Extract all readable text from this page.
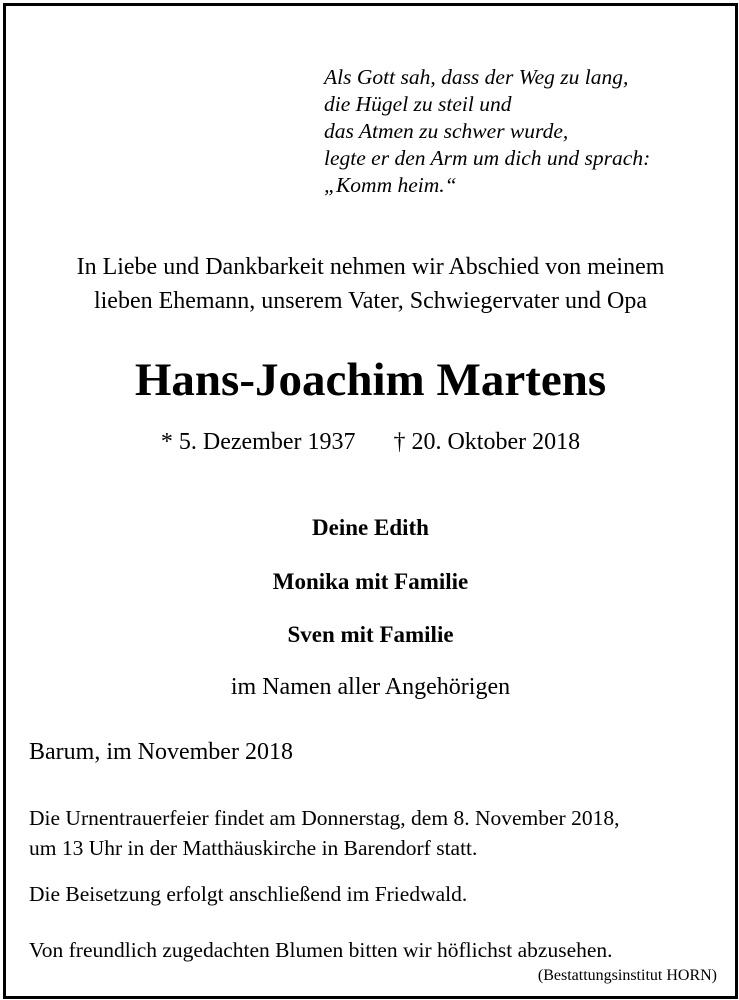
Als Gott sah, dass der Weg zu lang,
die Hügel zu steil und
das Atmen zu schwer wurde,
legte er den Arm um dich und sprach:
„Komm heim.“
In Liebe und Dankbarkeit nehmen wir Abschied von meinem
lieben Ehemann, unserem Vater, Schwiegervater und Opa
Hans-Joachim Martens
* 5. Dezember 1937 † 20. Oktober 2018
Deine Edith
Monika mit Familie
Sven mit Familie
im Namen aller Angehörigen
Barum, im November 2018
Die Urnentrauerfeier findet am Donnerstag, dem 8. November 2018,
um 13 Uhr in der Matthäuskirche in Barendorf statt.
Die Beisetzung erfolgt anschließend im Friedwald.
Von freundlich zugedachten Blumen bitten wir höflichst abzusehen.
(Bestattungsinstitut HORN)
